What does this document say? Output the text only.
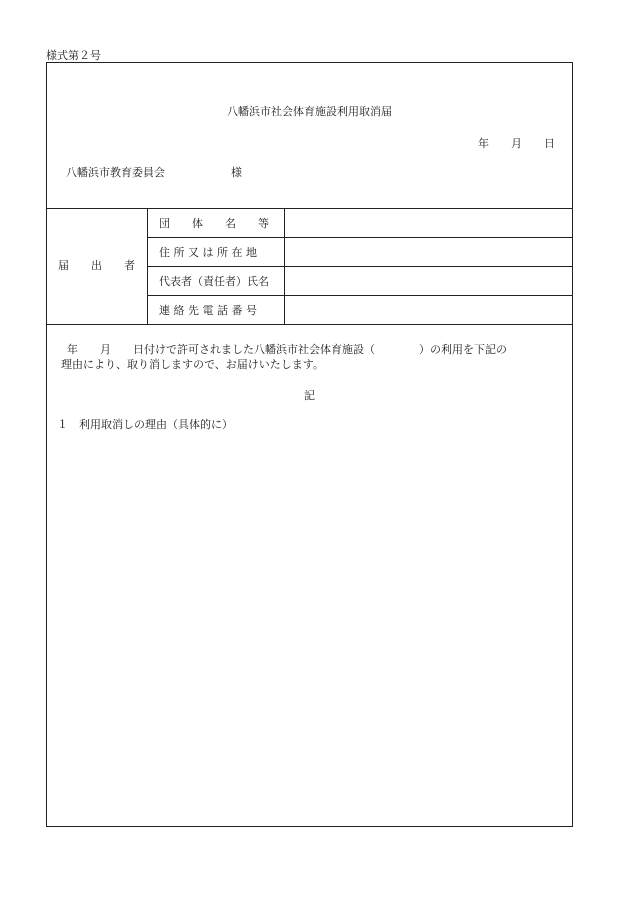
様式第２号
八幡浜市社会体育施設利用取消届
年　　月　　日
八幡浜市教育委員会　　　　　　様
届　　出　　者
団　　体　　名　　等
住 所 又 は 所 在 地
代表者（責任者）氏名
連 絡 先 電 話 番 号
年　　月　　日付けで許可されました八幡浜市社会体育施設（　　　　）の利用を下記の
理由により、取り消しますので、お届けいたします。
記
１　利用取消しの理由（具体的に）
